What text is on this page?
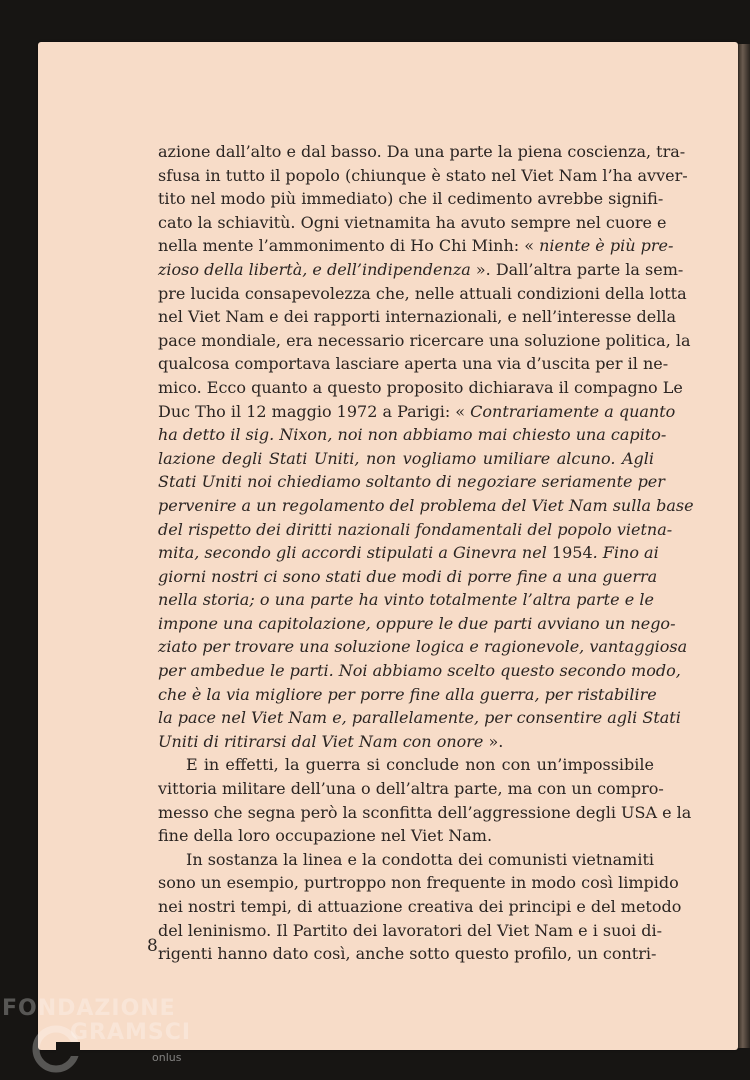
azione dall’alto e dal basso. Da una parte la piena coscienza, tra-
sfusa in tutto il popolo (chiunque è stato nel Viet Nam l’ha avver-
tito nel modo più immediato) che il cedimento avrebbe signifi-
cato la schiavitù. Ogni vietnamita ha avuto sempre nel cuore e
nella mente l’ammonimento di Ho Chi Minh: « niente è più pre-
zioso della libertà, e dell’indipendenza ». Dall’altra parte la sem-
pre lucida consapevolezza che, nelle attuali condizioni della lotta
nel Viet Nam e dei rapporti internazionali, e nell’interesse della
pace mondiale, era necessario ricercare una soluzione politica, la
qualcosa comportava lasciare aperta una via d’uscita per il ne-
mico. Ecco quanto a questo proposito dichiarava il compagno Le
Duc Tho il 12 maggio 1972 a Parigi: « Contrariamente a quanto
ha detto il sig. Nixon, noi non abbiamo mai chiesto una capito-
lazione degli Stati Uniti, non vogliamo umiliare alcuno. Agli
Stati Uniti noi chiediamo soltanto di negoziare seriamente per
pervenire a un regolamento del problema del Viet Nam sulla base
del rispetto dei diritti nazionali fondamentali del popolo vietna-
mita, secondo gli accordi stipulati a Ginevra nel 1954. Fino ai
giorni nostri ci sono stati due modi di porre fine a una guerra
nella storia; o una parte ha vinto totalmente l’altra parte e le
impone una capitolazione, oppure le due parti avviano un nego-
ziato per trovare una soluzione logica e ragionevole, vantaggiosa
per ambedue le parti. Noi abbiamo scelto questo secondo modo,
che è la via migliore per porre fine alla guerra, per ristabilire
la pace nel Viet Nam e, parallelamente, per consentire agli Stati
Uniti di ritirarsi dal Viet Nam con onore ».
E in effetti, la guerra si conclude non con un’impossibile
vittoria militare dell’una o dell’altra parte, ma con un compro-
messo che segna però la sconfitta dell’aggressione degli USA e la
fine della loro occupazione nel Viet Nam.
In sostanza la linea e la condotta dei comunisti vietnamiti
sono un esempio, purtroppo non frequente in modo così limpido
nei nostri tempi, di attuazione creativa dei principi e del metodo
del leninismo. Il Partito dei lavoratori del Viet Nam e i suoi di-
rigenti hanno dato così, anche sotto questo profilo, un contri-
8
FONDAZIONE
GRAMSCI
onlus
